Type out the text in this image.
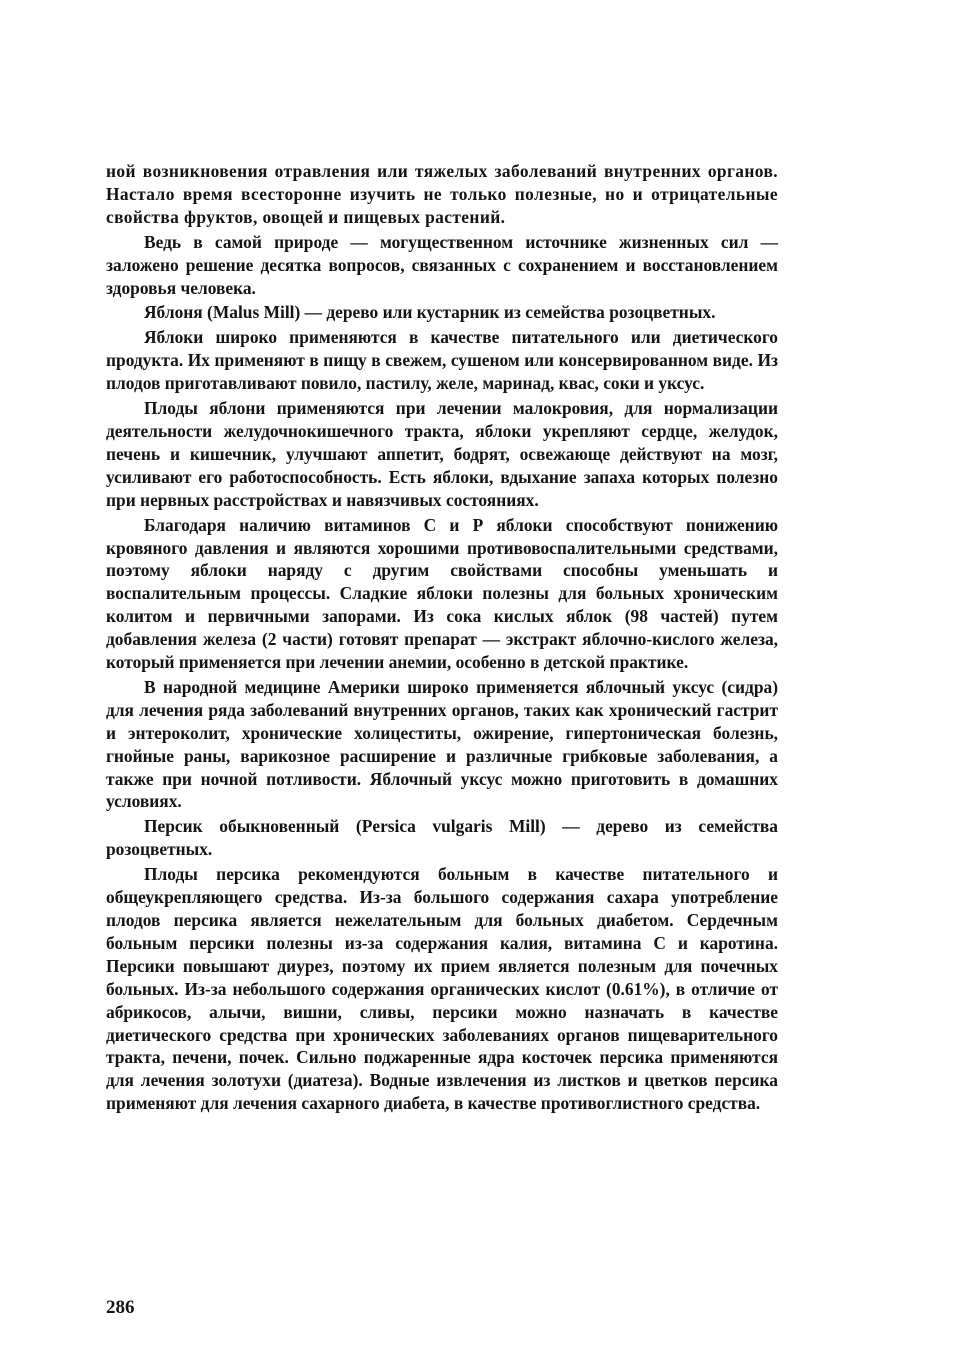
ной возникновения отравления или тяжелых заболеваний внутренних органов. Настало время всесторонне изучить не только полезные, но и отрицательные свойства фруктов, овощей и пищевых растений.

Ведь в самой природе — могущественном источнике жизненных сил — заложено решение десятка вопросов, связанных с сохранением и восстановлением здоровья человека.

Яблоня (Malus Mill) — дерево или кустарник из семейства розоцветных.

Яблоки широко применяются в качестве питательного или диетического продукта. Их применяют в пищу в свежем, сушеном или консервированном виде. Из плодов приготавливают повило, пастилу, желе, маринад, квас, соки и уксус.

Плоды яблони применяются при лечении малокровия, для нормализации деятельности желудочнокишечного тракта, яблоки укрепляют сердце, желудок, печень и кишечник, улучшают аппетит, бодрят, освежающе действуют на мозг, усиливают его работоспособность. Есть яблоки, вдыхание запаха которых полезно при нервных расстройствах и навязчивых состояниях.

Благодаря наличию витаминов С и Р яблоки способствуют понижению кровяного давления и являются хорошими противовоспалительными средствами, поэтому яблоки наряду с другим свойствами способны уменьшать и воспалительным процессы. Сладкие яблоки полезны для больных хроническим колитом и первичными запорами. Из сока кислых яблок (98 частей) путем добавления железа (2 части) готовят препарат — экстракт яблочно-кислого железа, который применяется при лечении анемии, особенно в детской практике.

В народной медицине Америки широко применяется яблочный уксус (сидра) для лечения ряда заболеваний внутренних органов, таких как хронический гастрит и энтероколит, хронические холицеститы, ожирение, гипертоническая болезнь, гнойные раны, варикозное расширение и различные грибковые заболевания, а также при ночной потливости. Яблочный уксус можно приготовить в домашних условиях.

Персик обыкновенный (Persica vulgaris Mill) — дерево из семейства розоцветных.

Плоды персика рекомендуются больным в качестве питательного и общеукрепляющего средства. Из-за большого содержания сахара употребление плодов персика является нежелательным для больных диабетом. Сердечным больным персики полезны из-за содержания калия, витамина С и каротина. Персики повышают диурез, поэтому их прием является полезным для почечных больных. Из-за небольшого содержания органических кислот (0.61%), в отличие от абрикосов, алычи, вишни, сливы, персики можно назначать в качестве диетического средства при хронических заболеваниях органов пищеварительного тракта, печени, почек. Сильно поджаренные ядра косточек персика применяются для лечения золотухи (диатеза). Водные извлечения из листков и цветков персика применяют для лечения сахарного диабета, в качестве противоглистного средства.

286
